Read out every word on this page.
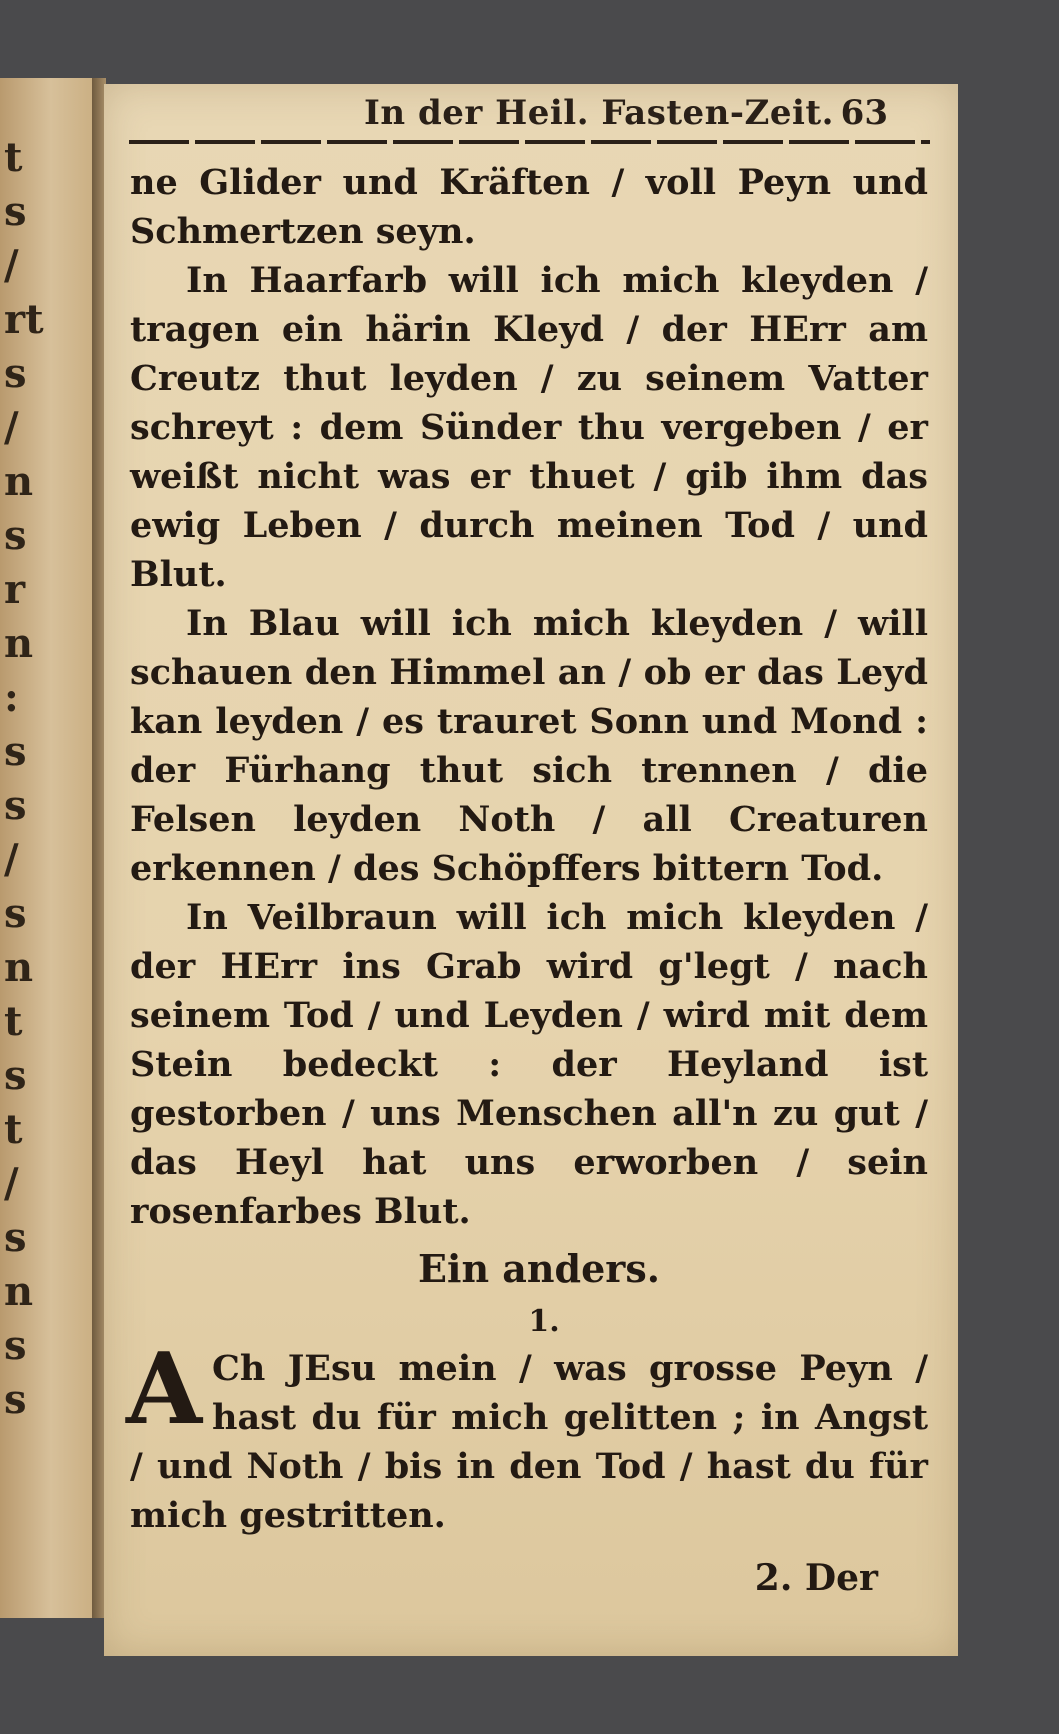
t
s
/
rt
s
/
n
s
r
n
:
s
s
/
s
n
t
s
t
/
s
n
s
s
In der Heil. Fasten-Zeit. 63

ne Glider und Kräften / voll Peyn und Schmertzen seyn.

In Haarfarb will ich mich kleyden / tragen ein härin Kleyd / der HErr am Creutz thut leyden / zu seinem Vatter schreyt : dem Sünder thu vergeben / er weißt nicht was er thuet / gib ihm das ewig Leben / durch meinen Tod / und Blut.

In Blau will ich mich kleyden / will schauen den Himmel an / ob er das Leyd kan leyden / es trauret Sonn und Mond : der Fürhang thut sich trennen / die Felsen leyden Noth / all Creaturen erkennen / des Schöpffers bittern Tod.

In Veilbraun will ich mich kleyden / der HErr ins Grab wird g'legt / nach seinem Tod / und Leyden / wird mit dem Stein bedeckt : der Heyland ist gestorben / uns Menschen all'n zu gut / das Heyl hat uns erworben / sein rosenfarbes Blut.

Ein anders.
1.
A Ch JEsu mein / was grosse Peyn / hast du für mich gelitten ; in Angst / und Noth / bis in den Tod / hast du für mich gestritten.

2. Der
